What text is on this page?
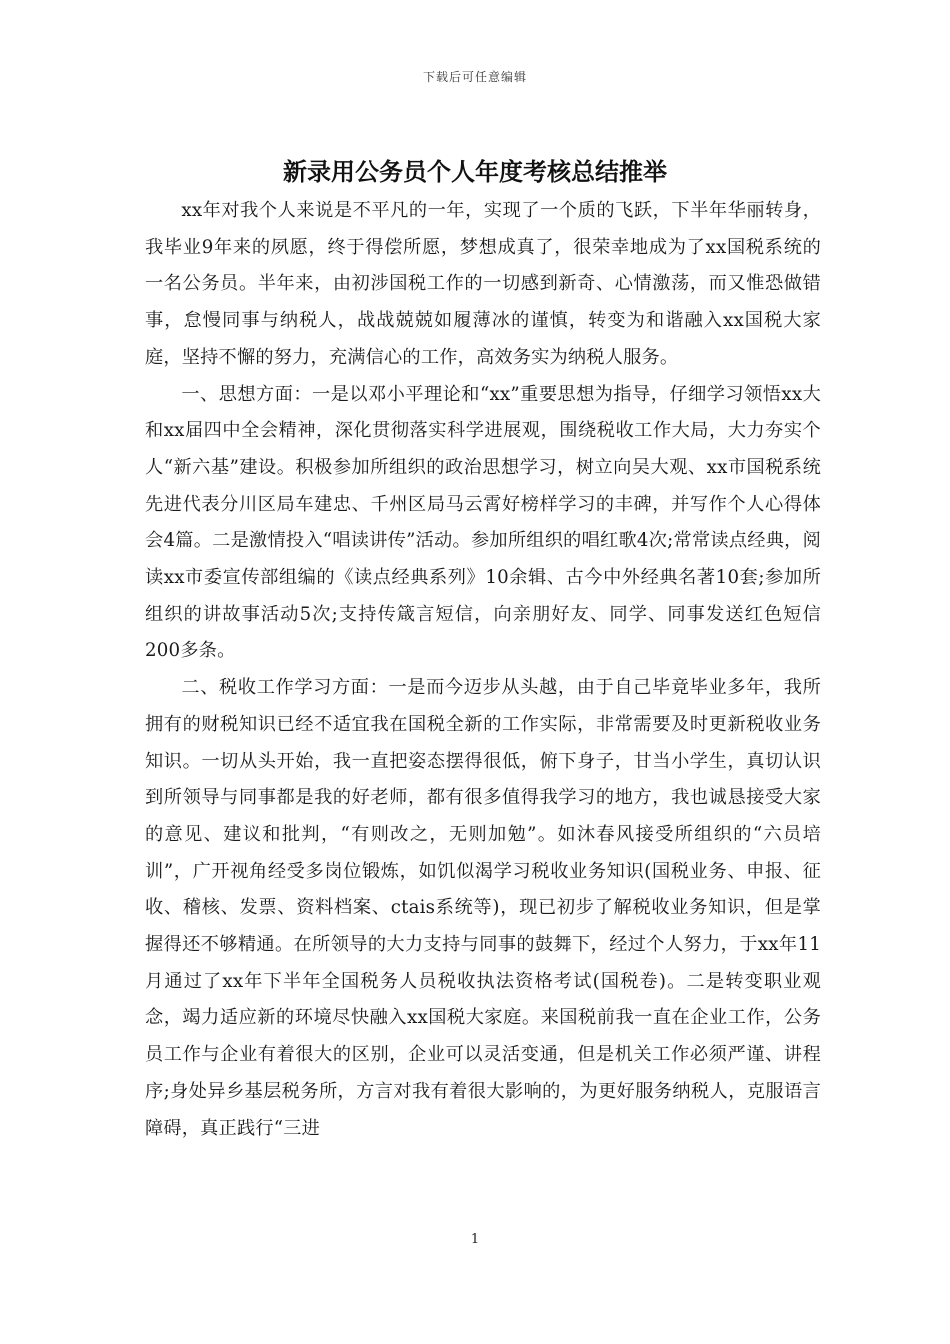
下载后可任意编辑
新录用公务员个人年度考核总结推举

xx年对我个人来说是不平凡的一年，实现了一个质的飞跃，下半年华丽转身，我毕业9年来的夙愿，终于得偿所愿，梦想成真了，很荣幸地成为了xx国税系统的一名公务员。半年来，由初涉国税工作的一切感到新奇、心情激荡，而又惟恐做错事，怠慢同事与纳税人，战战兢兢如履薄冰的谨慎，转变为和谐融入xx国税大家庭，坚持不懈的努力，充满信心的工作，高效务实为纳税人服务。

一、思想方面：一是以邓小平理论和“xx”重要思想为指导，仔细学习领悟xx大和xx届四中全会精神，深化贯彻落实科学进展观，围绕税收工作大局，大力夯实个人“新六基”建设。积极参加所组织的政治思想学习，树立向吴大观、xx市国税系统先进代表分川区局车建忠、千州区局马云霄好榜样学习的丰碑，并写作个人心得体会4篇。二是激情投入“唱读讲传”活动。参加所组织的唱红歌4次;常常读点经典，阅读xx市委宣传部组编的《读点经典系列》10余辑、古今中外经典名著10套;参加所组织的讲故事活动5次;支持传箴言短信，向亲朋好友、同学、同事发送红色短信200多条。

二、税收工作学习方面：一是而今迈步从头越，由于自己毕竟毕业多年，我所拥有的财税知识已经不适宜我在国税全新的工作实际，非常需要及时更新税收业务知识。一切从头开始，我一直把姿态摆得很低，俯下身子，甘当小学生，真切认识到所领导与同事都是我的好老师，都有很多值得我学习的地方，我也诚恳接受大家的意见、建议和批判，“有则改之，无则加勉”。如沐春风接受所组织的“六员培训”，广开视角经受多岗位锻炼，如饥似渴学习税收业务知识(国税业务、申报、征收、稽核、发票、资料档案、ctais系统等)，现已初步了解税收业务知识，但是掌握得还不够精通。在所领导的大力支持与同事的鼓舞下，经过个人努力，于xx年11月通过了xx年下半年全国税务人员税收执法资格考试(国税卷)。二是转变职业观念，竭力适应新的环境尽快融入xx国税大家庭。来国税前我一直在企业工作，公务员工作与企业有着很大的区别，企业可以灵活变通，但是机关工作必须严谨、讲程序;身处异乡基层税务所，方言对我有着很大影响的，为更好服务纳税人，克服语言障碍，真正践行“三进

1
